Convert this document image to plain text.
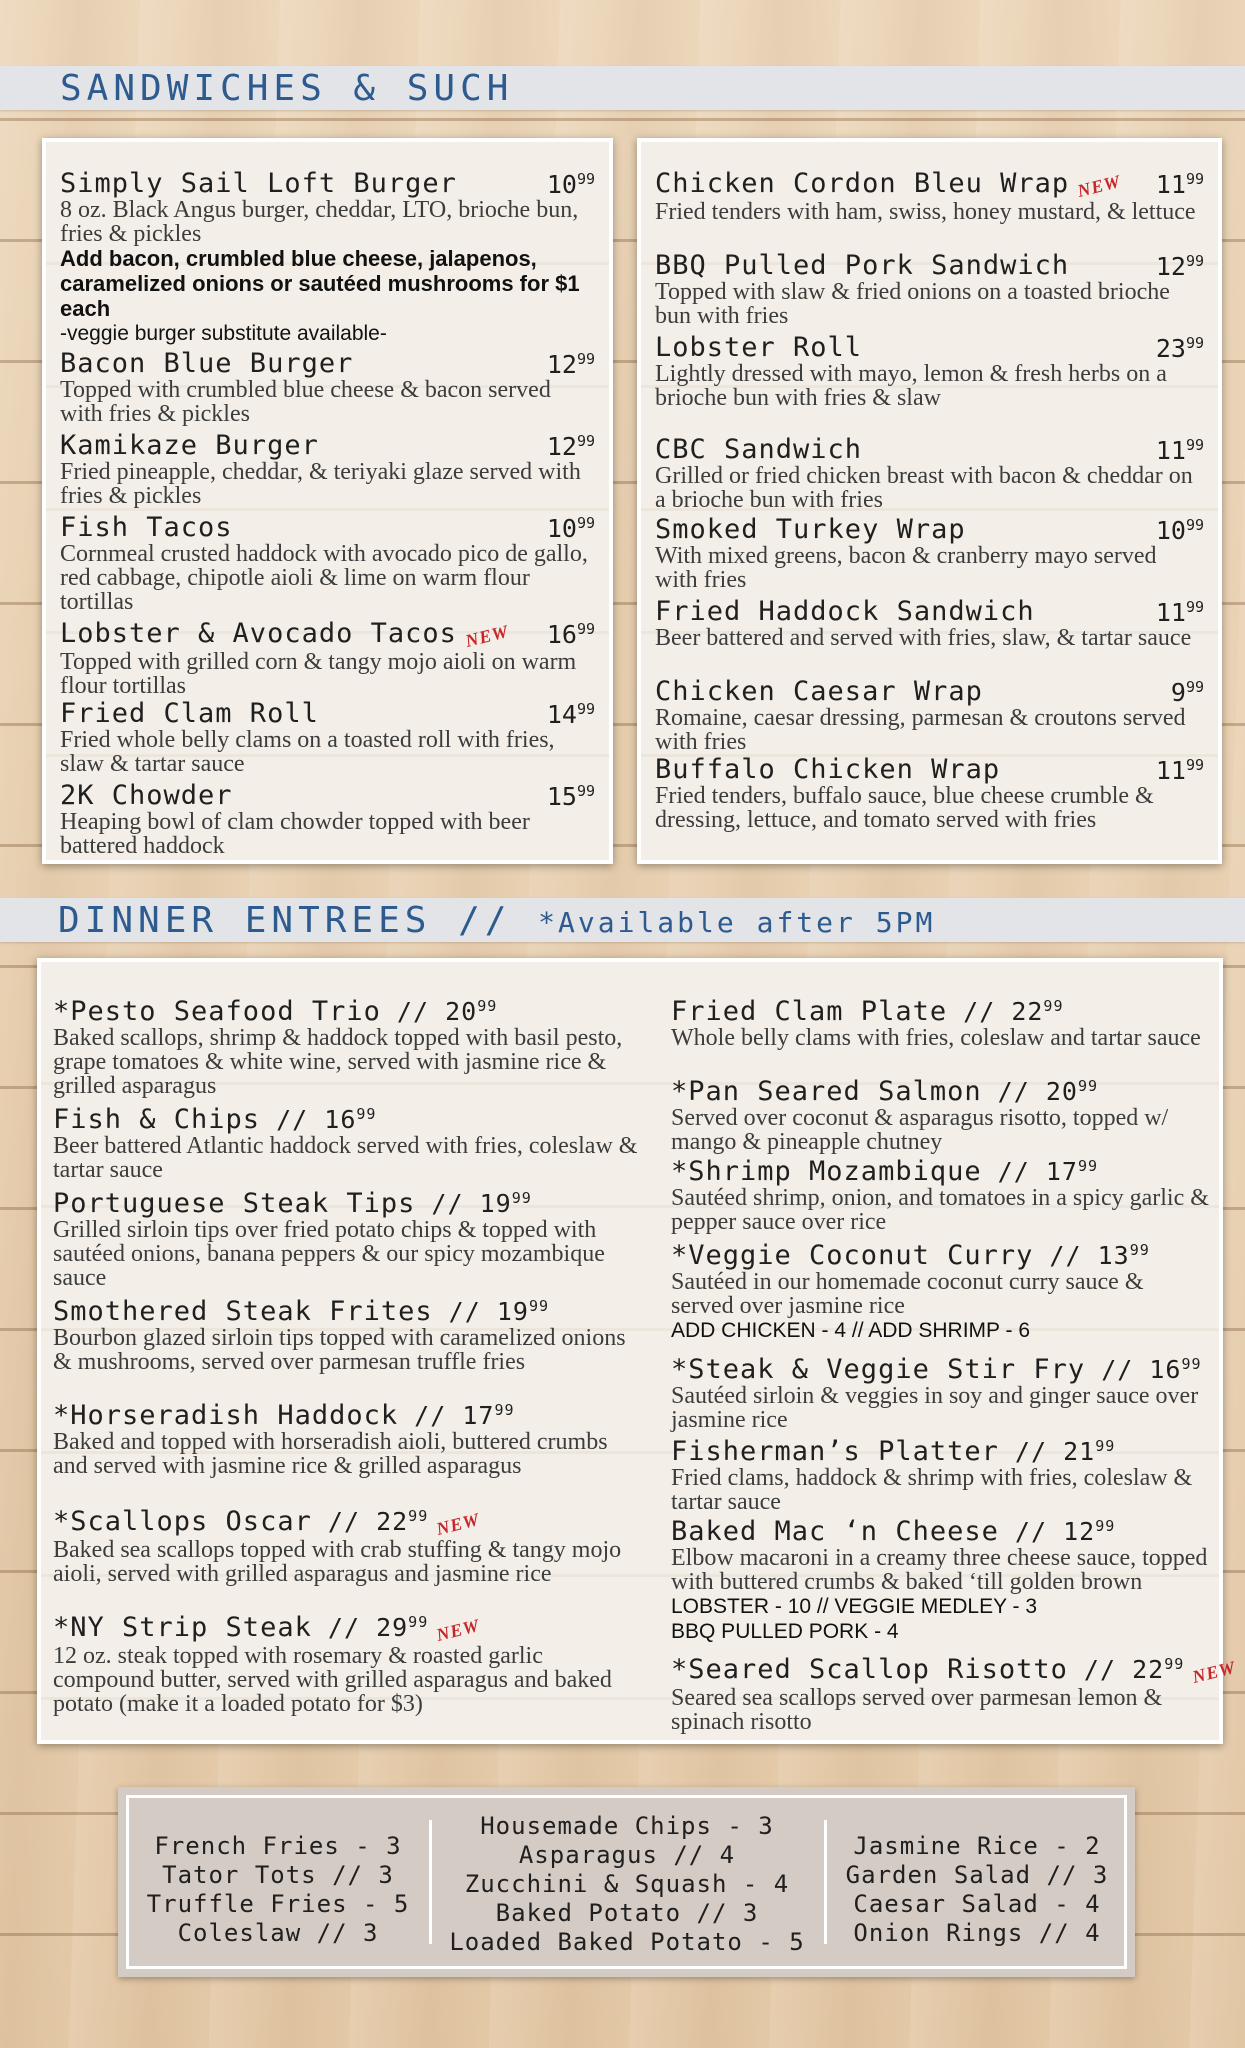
SANDWICHES & SUCH
DINNER ENTREES // *Available after 5PM
Simply Sail Loft Burger	$10^{99}$
8 oz. Black Angus burger, cheddar, LTO, brioche bun, fries & pickles
Add bacon, crumbled blue cheese, jalapenos, caramelized onions or sautéed mushrooms for $1 each
-veggie burger substitute available-
Bacon Blue Burger	$12^{99}$
Topped with crumbled blue cheese & bacon served with fries & pickles
Kamikaze Burger	$12^{99}$
Fried pineapple, cheddar, & teriyaki glaze served with fries & pickles
Fish Tacos	$10^{99}$
Cornmeal crusted haddock with avocado pico de gallo, red cabbage, chipotle aioli & lime on warm flour tortillas
Lobster & Avocado Tacos NEW	$16^{99}$
Topped with grilled corn & tangy mojo aioli on warm flour tortillas
Fried Clam Roll	$14^{99}$
Fried whole belly clams on a toasted roll with fries, slaw & tartar sauce
2K Chowder	$15^{99}$
Heaping bowl of clam chowder topped with beer battered haddock
Chicken Cordon Bleu Wrap NEW	$11^{99}$
Fried tenders with ham, swiss, honey mustard, & lettuce
BBQ Pulled Pork Sandwich	$12^{99}$
Topped with slaw & fried onions on a toasted brioche bun with fries
Lobster Roll	$23^{99}$
Lightly dressed with mayo, lemon & fresh herbs on a brioche bun with fries & slaw
CBC Sandwich	$11^{99}$
Grilled or fried chicken breast with bacon & cheddar on a brioche bun with fries
Smoked Turkey Wrap	$10^{99}$
With mixed greens, bacon & cranberry mayo served with fries
Fried Haddock Sandwich	$11^{99}$
Beer battered and served with fries, slaw, & tartar sauce
Chicken Caesar Wrap	$9^{99}$
Romaine, caesar dressing, parmesan & croutons served with fries
Buffalo Chicken Wrap	$11^{99}$
Fried tenders, buffalo sauce, blue cheese crumble & dressing, lettuce, and tomato served with fries
*Pesto Seafood Trio // $20^{99}$
Baked scallops, shrimp & haddock topped with basil pesto, grape tomatoes & white wine, served with jasmine rice & grilled asparagus
Fish & Chips // $16^{99}$
Beer battered Atlantic haddock served with fries, coleslaw & tartar sauce
Portuguese Steak Tips // $19^{99}$
Grilled sirloin tips over fried potato chips & topped with sautéed onions, banana peppers & our spicy mozambique sauce
Smothered Steak Frites // $19^{99}$
Bourbon glazed sirloin tips topped with caramelized onions & mushrooms, served over parmesan truffle fries
*Horseradish Haddock // $17^{99}$
Baked and topped with horseradish aioli, buttered crumbs and served with jasmine rice & grilled asparagus
*Scallops Oscar // $22^{99}$ NEW
Baked sea scallops topped with crab stuffing & tangy mojo aioli, served with grilled asparagus and jasmine rice
*NY Strip Steak // $29^{99}$ NEW
12 oz. steak topped with rosemary & roasted garlic compound butter, served with grilled asparagus and baked potato (make it a loaded potato for $3)
Fried Clam Plate // $22^{99}$
Whole belly clams with fries, coleslaw and tartar sauce
*Pan Seared Salmon // $20^{99}$
Served over coconut & asparagus risotto, topped w/ mango & pineapple chutney
*Shrimp Mozambique // $17^{99}$
Sautéed shrimp, onion, and tomatoes in a spicy garlic & pepper sauce over rice
*Veggie Coconut Curry // $13^{99}$
Sautéed in our homemade coconut curry sauce & served over jasmine rice
ADD CHICKEN - 4 // ADD SHRIMP - 6
*Steak & Veggie Stir Fry // $16^{99}$
Sautéed sirloin & veggies in soy and ginger sauce over jasmine rice
Fisherman’s Platter // $21^{99}$
Fried clams, haddock & shrimp with fries, coleslaw & tartar sauce
Baked Mac ‘n Cheese // $12^{99}$
Elbow macaroni in a creamy three cheese sauce, topped with buttered crumbs & baked ‘till golden brown
LOBSTER - 10 // VEGGIE MEDLEY - 3
BBQ PULLED PORK - 4
*Seared Scallop Risotto // $22^{99}$ NEW
Seared sea scallops served over parmesan lemon & spinach risotto
French Fries - 3
Tator Tots // 3
Truffle Fries - 5
Coleslaw // 3
Housemade Chips - 3
Asparagus // 4
Zucchini & Squash - 4
Baked Potato // 3
Loaded Baked Potato - 5
Jasmine Rice - 2
Garden Salad // 3
Caesar Salad - 4
Onion Rings // 4
